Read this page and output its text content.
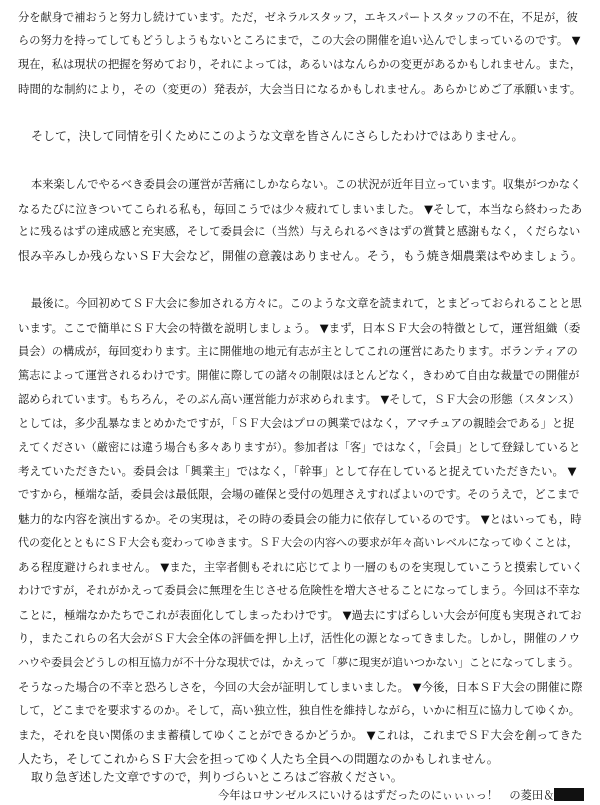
分を献身で補おうと努力し続けています。ただ，ゼネラルスタッフ，エキスパートスタッフの不在，不足が，彼
らの努力を持ってしてもどうしようもないところにまで，この大会の開催を追い込んでしまっているのです。 ▼
現在，私は現状の把握を努めており，それによっては，あるいはなんらかの変更があるかもしれません。また，
時間的な制約により，その（変更の）発表が，大会当日になるかもしれません。あらかじめご了承願います。
そして，決して同情を引くためにこのような文章を皆さんにさらしたわけではありません。
本来楽しんでやるべき委員会の運営が苦痛にしかならない。この状況が近年目立っています。収集がつかなく
なるたびに泣きついてこられる私も，毎回こうでは少々疲れてしまいました。 ▼そして，本当なら終わったあ
とに残るはずの達成感と充実感，そして委員会に（当然）与えられるべきはずの賞賛と感謝もなく，くだらない
恨み辛みしか残らないＳＦ大会など，開催の意義はありません。そう，もう焼き畑農業はやめましょう。
最後に。今回初めてＳＦ大会に参加される方々に。このような文章を読まれて，とまどっておられることと思
います。ここで簡単にＳＦ大会の特徴を説明しましょう。 ▼まず，日本ＳＦ大会の特徴として，運営組織（委
員会）の構成が，毎回変わります。主に開催地の地元有志が主としてこれの運営にあたります。ボランティアの
篤志によって運営されるわけです。開催に際しての諸々の制限はほとんどなく，きわめて自由な裁量での開催が
認められています。もちろん，そのぶん高い運営能力が求められます。 ▼そして，ＳＦ大会の形態（スタンス）
としては，多少乱暴なまとめかたですが，「ＳＦ大会はプロの興業ではなく，アマチュアの親睦会である」と捉
えてください（厳密には違う場合も多々ありますが）。参加者は「客」ではなく，「会員」として登録していると
考えていただきたい。委員会は「興業主」ではなく，「幹事」として存在していると捉えていただきたい。 ▼
ですから，極端な話，委員会は最低限，会場の確保と受付の処理さえすればよいのです。そのうえで，どこまで
魅力的な内容を演出するか。その実現は，その時の委員会の能力に依存しているのです。 ▼とはいっても，時
代の変化とともにＳＦ大会も変わってゆきます。ＳＦ大会の内容への要求が年々高いレベルになってゆくことは，
ある程度避けられません。 ▼また，主宰者側もそれに応じてより一層のものを実現していこうと摸索していく
わけですが，それがかえって委員会に無理を生じさせる危険性を増大させることになってしまう。今回は不幸な
ことに，極端なかたちでこれが表面化してしまったわけです。 ▼過去にすばらしい大会が何度も実現されてお
り，またこれらの名大会がＳＦ大会全体の評価を押し上げ，活性化の源となってきました。しかし，開催のノウ
ハウや委員会どうしの相互協力が不十分な現状では，かえって「夢に現実が追いつかない」ことになってしまう。
そうなった場合の不幸と恐ろしさを，今回の大会が証明してしまいました。 ▼今後，日本ＳＦ大会の開催に際
して，どこまでを要求するのか。そして，高い独立性，独自性を維持しながら，いかに相互に協力してゆくか。
また，それを良い関係のまま蓄積してゆくことができるかどうか。 ▼これは，これまでＳＦ大会を創ってきた
人たち，そしてこれからＳＦ大会を担ってゆく人たち全員への問題なのかもしれません。
取り急ぎ述した文章ですので，判りづらいところはご容赦ください。
今年はロサンゼルスにいけるはずだったのにぃぃぃっ！　の菱田＆
